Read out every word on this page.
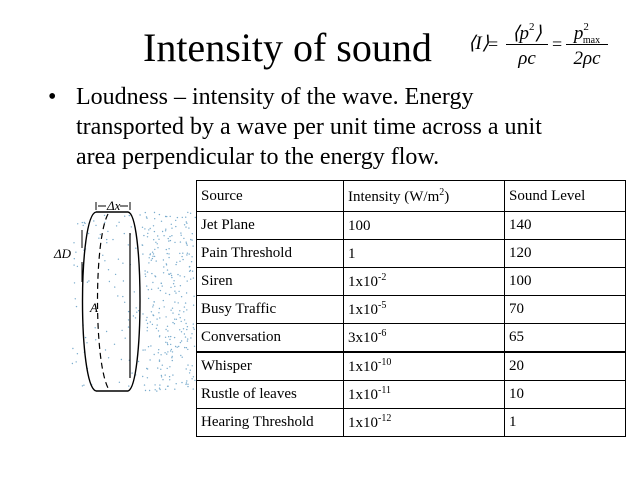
Intensity of sound ⟨I⟩	$⟨p^2⟩$
ρc
=	= $p^2_{max}$
2ρc
• Loudness – intensity of the wave. Energy transported by a wave per unit time across a unit area perpendicular to the energy flow.
Δx
ΔD
A
Source	Intensity $(W/m^2)$	Sound Level
Jet Plane	100	140
Pain Threshold	1	120
Siren	$1x10^{-2}$	100
Busy Traffic	$1x10^{-5}$	70
Conversation	$3x10^{-6}$	65
Whisper	$1x10^{-10}$	20
Rustle of leaves	$1x10^{-11}$	10
Hearing Threshold	$1x10^{-12}$	1
